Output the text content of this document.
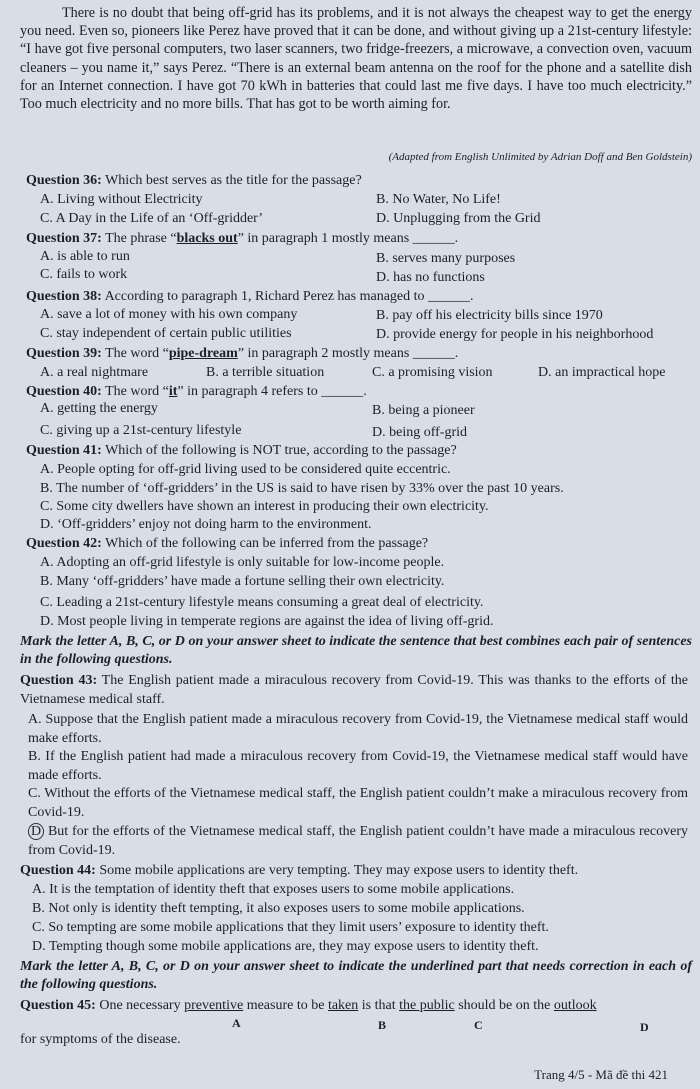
There is no doubt that being off-grid has its problems, and it is not always the cheapest way to get the energy you need. Even so, pioneers like Perez have proved that it can be done, and without giving up a 21st-century lifestyle: “I have got five personal computers, two laser scanners, two fridge-freezers, a microwave, a convection oven, vacuum cleaners – you name it,” says Perez. “There is an external beam antenna on the roof for the phone and a satellite dish for an Internet connection. I have got 70 kWh in batteries that could last me five days. I have too much electricity.” Too much electricity and no more bills. That has got to be worth aiming for.
(Adapted from English Unlimited by Adrian Doff and Ben Goldstein)
Question 36: Which best serves as the title for the passage?
A. Living without Electricity	B. No Water, No Life!
C. A Day in the Life of an ‘Off-gridder’	D. Unplugging from the Grid
Question 37: The phrase “blacks out” in paragraph 1 mostly means ______.
A. is able to run	B. serves many purposes
C. fails to work	D. has no functions
Question 38: According to paragraph 1, Richard Perez has managed to ______.
A. save a lot of money with his own company	B. pay off his electricity bills since 1970
C. stay independent of certain public utilities	D. provide energy for people in his neighborhood
Question 39: The word “pipe-dream” in paragraph 2 mostly means ______.
A. a real nightmare	B. a terrible situation	C. a promising vision	D. an impractical hope
Question 40: The word “it” in paragraph 4 refers to ______.
A. getting the energy	B. being a pioneer
C. giving up a 21st-century lifestyle	D. being off-grid
Question 41: Which of the following is NOT true, according to the passage?
A. People opting for off-grid living used to be considered quite eccentric.
B. The number of ‘off-gridders’ in the US is said to have risen by 33% over the past 10 years.
C. Some city dwellers have shown an interest in producing their own electricity.
D. ‘Off-gridders’ enjoy not doing harm to the environment.
Question 42: Which of the following can be inferred from the passage?
A. Adopting an off-grid lifestyle is only suitable for low-income people.
B. Many ‘off-gridders’ have made a fortune selling their own electricity.
C. Leading a 21st-century lifestyle means consuming a great deal of electricity.
D. Most people living in temperate regions are against the idea of living off-grid.
Mark the letter A, B, C, or D on your answer sheet to indicate the sentence that best combines each pair of sentences in the following questions.
Question 43: The English patient made a miraculous recovery from Covid-19. This was thanks to the efforts of the Vietnamese medical staff.
A. Suppose that the English patient made a miraculous recovery from Covid-19, the Vietnamese medical staff would make efforts.
B. If the English patient had made a miraculous recovery from Covid-19, the Vietnamese medical staff would have made efforts.
C. Without the efforts of the Vietnamese medical staff, the English patient couldn’t make a miraculous recovery from Covid-19.
D But for the efforts of the Vietnamese medical staff, the English patient couldn’t have made a miraculous recovery from Covid-19.
Question 44: Some mobile applications are very tempting. They may expose users to identity theft.
A. It is the temptation of identity theft that exposes users to some mobile applications.
B. Not only is identity theft tempting, it also exposes users to some mobile applications.
C. So tempting are some mobile applications that they limit users’ exposure to identity theft.
D. Tempting though some mobile applications are, they may expose users to identity theft.
Mark the letter A, B, C, or D on your answer sheet to indicate the underlined part that needs correction in each of the following questions.
Question 45: One necessary preventive measure to be taken is that the public should be on the outlook
A	B	C	D
for symptoms of the disease.
Trang 4/5 - Mã đề thi 421
